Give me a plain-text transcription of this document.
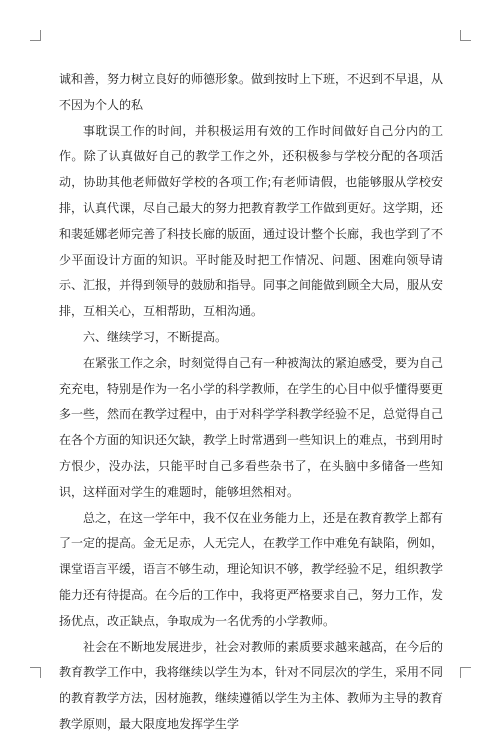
诚和善，努力树立良好的师德形象。做到按时上下班，不迟到不早退，从不因为个人的私

事耽误工作的时间，并积极运用有效的工作时间做好自己分内的工作。除了认真做好自己的教学工作之外，还积极参与学校分配的各项活动，协助其他老师做好学校的各项工作;有老师请假，也能够服从学校安排，认真代课，尽自己最大的努力把教育教学工作做到更好。这学期，还和裴延娜老师完善了科技长廊的版面，通过设计整个长廊，我也学到了不少平面设计方面的知识。平时能及时把工作情况、问题、困难向领导请示、汇报，并得到领导的鼓励和指导。同事之间能做到顾全大局，服从安排，互相关心，互相帮助，互相沟通。

六、继续学习，不断提高。

在紧张工作之余，时刻觉得自己有一种被淘汰的紧迫感受，要为自己充充电，特别是作为一名小学的科学教师，在学生的心目中似乎懂得要更多一些，然而在教学过程中，由于对科学学科教学经验不足，总觉得自己在各个方面的知识还欠缺，教学上时常遇到一些知识上的难点，书到用时方恨少，没办法，只能平时自己多看些杂书了，在头脑中多储备一些知识，这样面对学生的难题时，能够坦然相对。

总之，在这一学年中，我不仅在业务能力上，还是在教育教学上都有了一定的提高。金无足赤，人无完人，在教学工作中难免有缺陷，例如，课堂语言平缓，语言不够生动，理论知识不够，教学经验不足，组织教学能力还有待提高。在今后的工作中，我将更严格要求自己，努力工作，发扬优点，改正缺点，争取成为一名优秀的小学教师。

社会在不断地发展进步，社会对教师的素质要求越来越高，在今后的教育教学工作中，我将继续以学生为本，针对不同层次的学生，采用不同的教育教学方法，因材施教，继续遵循以学生为主体、教师为主导的教育教学原则，最大限度地发挥学生学
